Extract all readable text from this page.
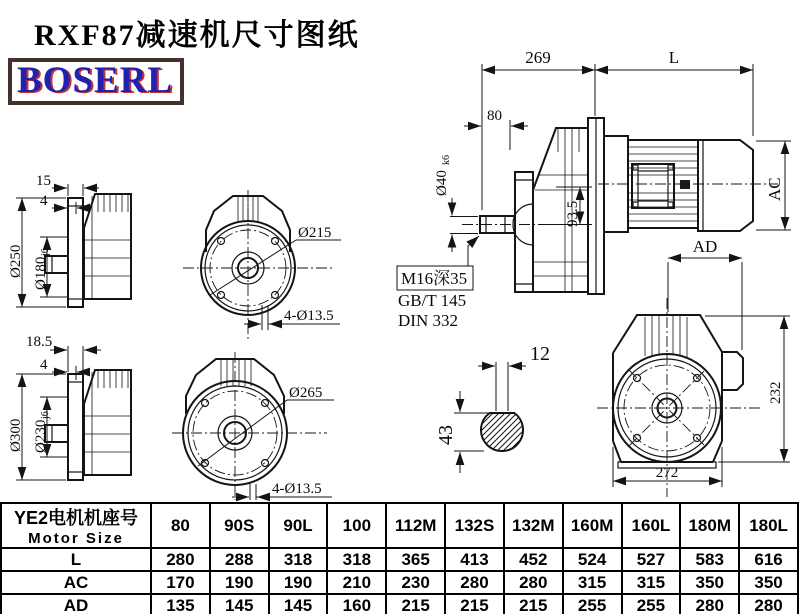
RXF87减速机尺寸图纸
BOSERL
15
4
Ø250 Ø180
j6
18.5
4
Ø300 Ø230
j6
Ø215
4-Ø13.5
Ø265
4-Ø13.5
269	L
80
Ø40
k6
93.5
AC
M16深35
GB/T 145
DIN 332
AD
232
272
12
43
YE2电机机座号
Motor Size	80	90S	90L	100	112M	132S	132M	160M	160L	180M	180L
L	280	288	318	318	365	413	452	524	527	583	616
AC	170	190	190	210	230	280	280	315	315	350	350
AD	135	145	145	160	215	215	215	255	255	280	280
